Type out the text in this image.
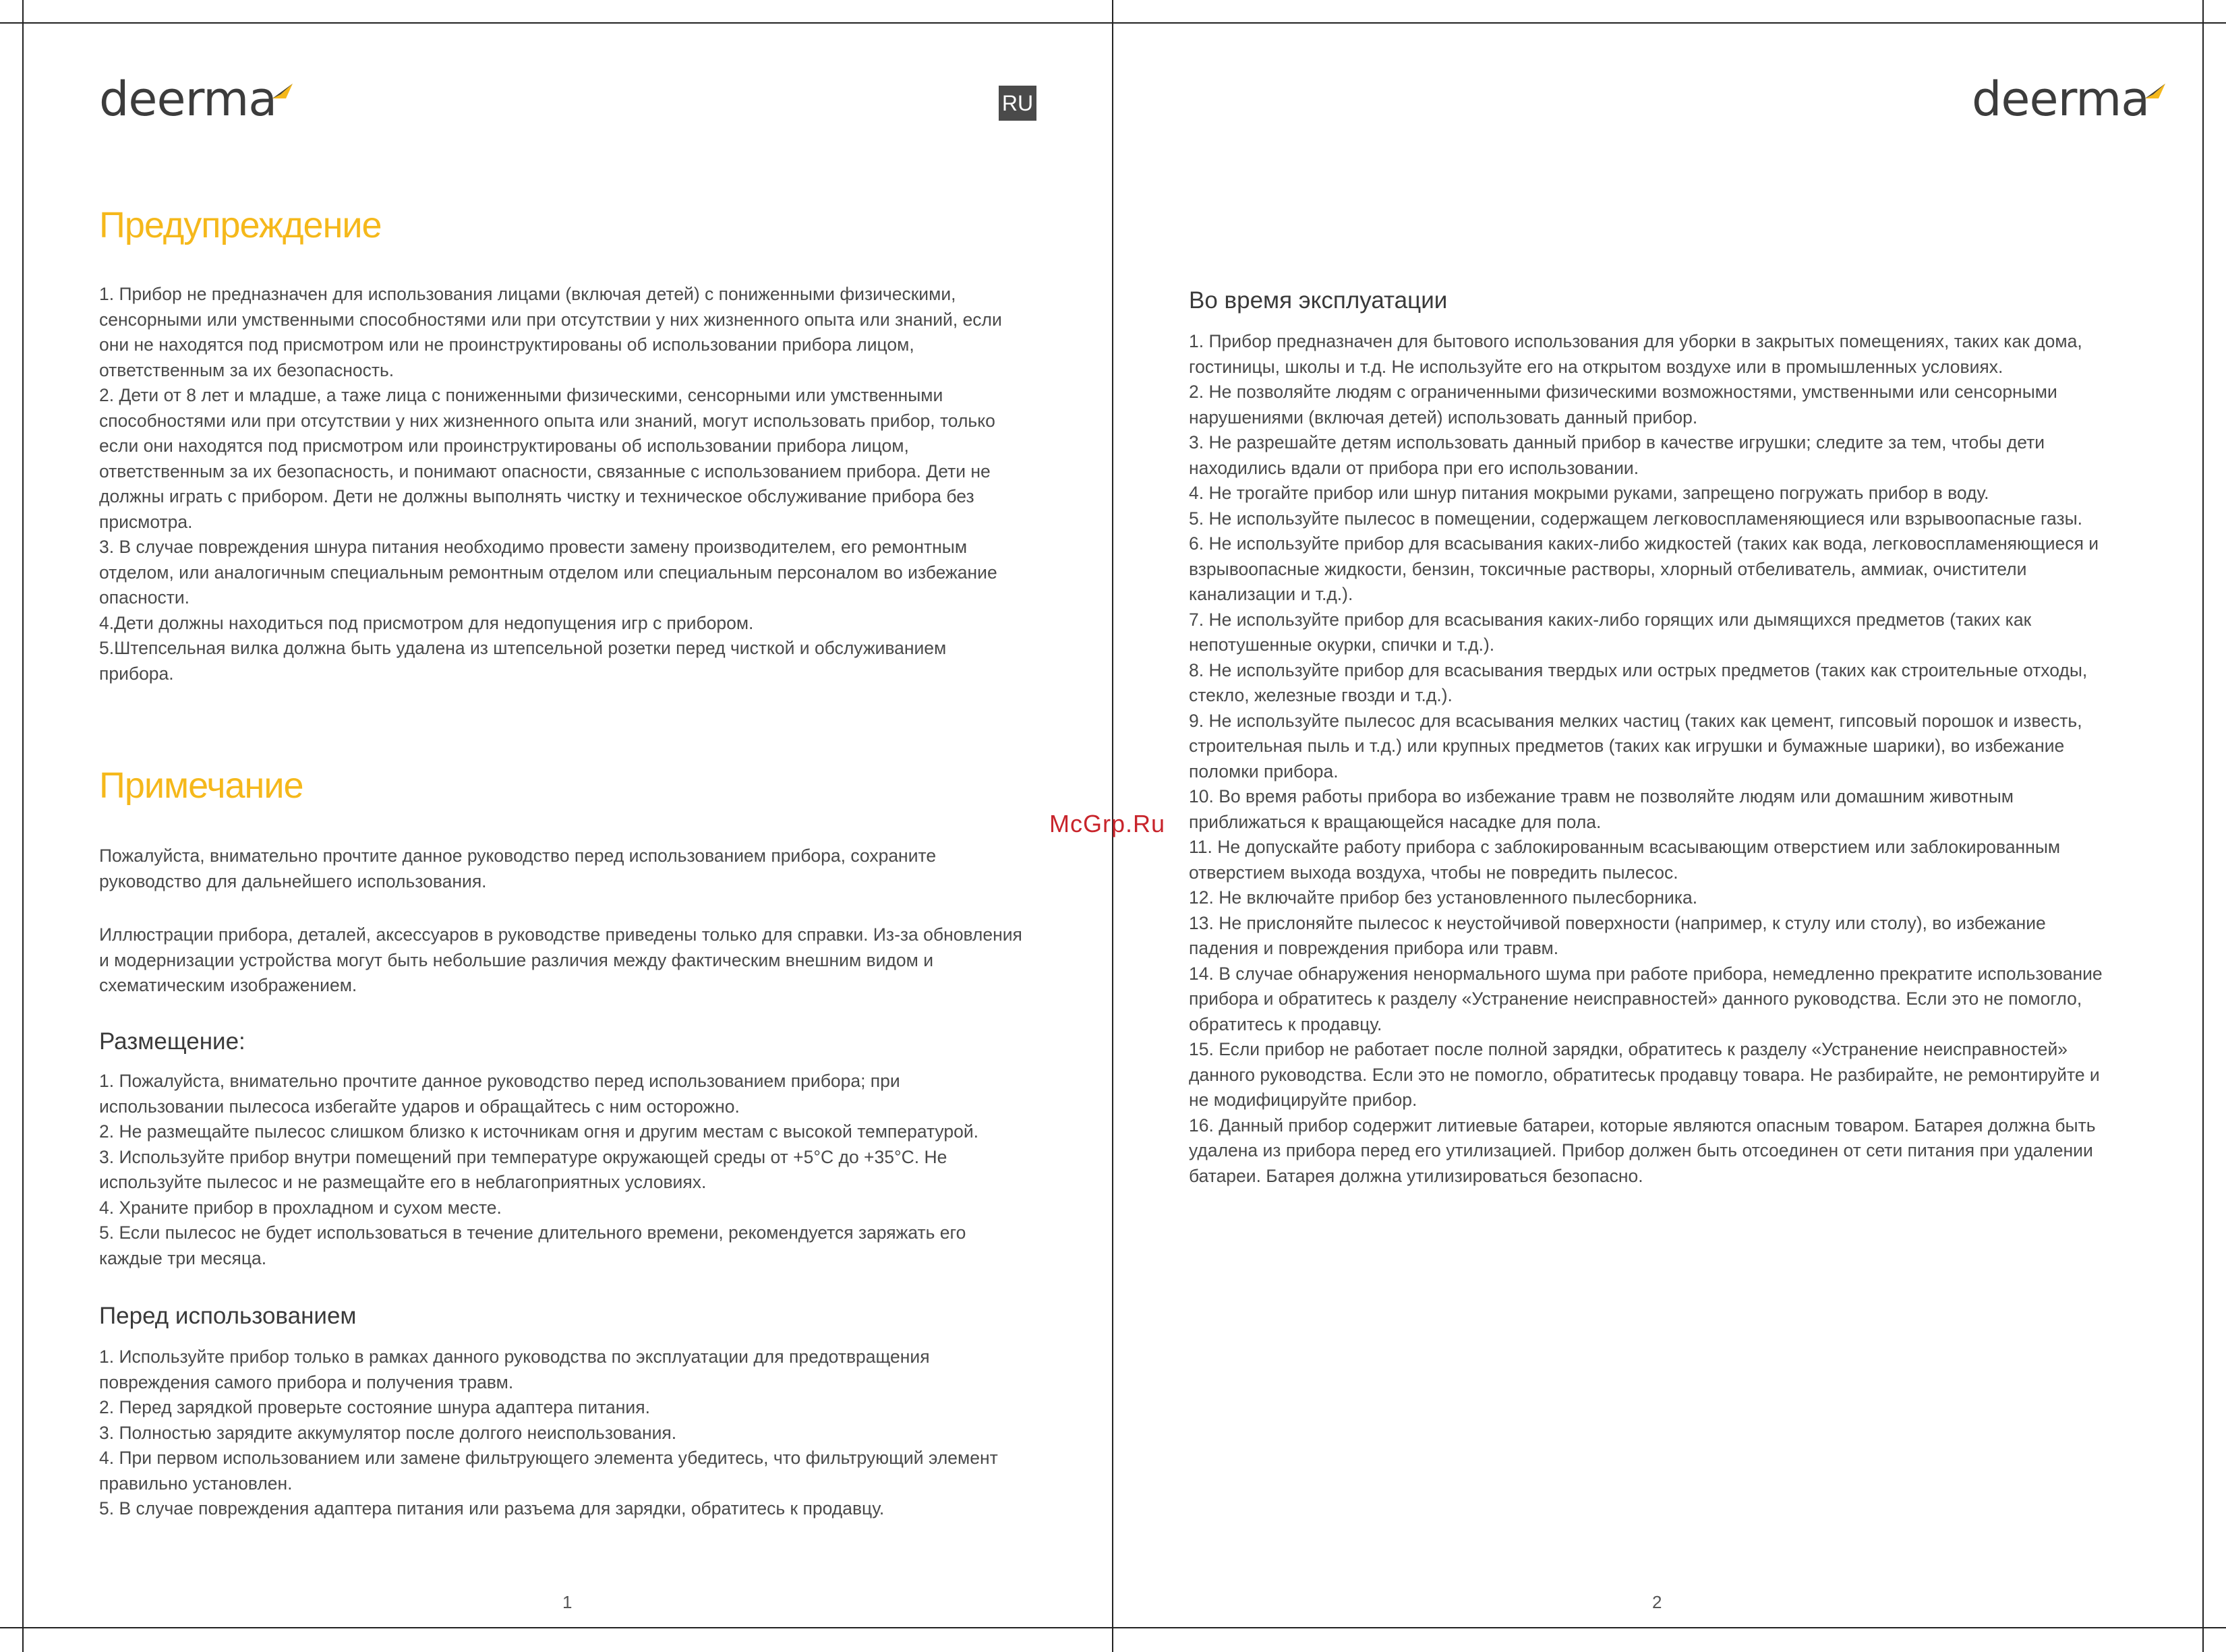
deerma	RU
Предупреждение

1. Прибор не предназначен для использования лицами (включая детей) с пониженными физическими,

сенсорными или умственными способностями или при отсутствии у них жизненного опыта или знаний, если

они не находятся под присмотром или не проинструктированы об использовании прибора лицом,

ответственным за их безопасность.

2. Дети от 8 лет и младше, а таже лица с пониженными физическими, сенсорными или умственными

способностями или при отсутствии у них жизненного опыта или знаний, могут использовать прибор, только

если они находятся под присмотром или проинструктированы об использовании прибора лицом,

ответственным за их безопасность, и понимают опасности, связанные с использованием прибора. Дети не

должны играть с прибором. Дети не должны выполнять чистку и техническое обслуживание прибора без

присмотра.

3. В случае повреждения шнура питания необходимо провести замену производителем, его ремонтным

отделом, или аналогичным специальным ремонтным отделом или специальным персоналом во избежание

опасности.

4.Дети должны находиться под присмотром для недопущения игр с прибором.

5.Штепсельная вилка должна быть удалена из штепсельной розетки перед чисткой и обслуживанием

прибора.

Примечание

Пожалуйста, внимательно прочтите данное руководство перед использованием прибора, сохраните

руководство для дальнейшего использования.

Иллюстрации прибора, деталей, аксессуаров в руководстве приведены только для справки. Из-за обновления

и модернизации устройства могут быть небольшие различия между фактическим внешним видом и

схематическим изображением.

Размещение:

1. Пожалуйста, внимательно прочтите данное руководство перед использованием прибора; при

использовании пылесоса избегайте ударов и обращайтесь с ним осторожно.

2. Не размещайте пылесос слишком близко к источникам огня и другим местам с высокой температурой.

3. Используйте прибор внутри помещений при температуре окружающей среды от +5°C до +35°C. Не

используйте пылесос и не размещайте его в неблагоприятных условиях.

4. Храните прибор в прохладном и сухом месте.

5. Если пылесос не будет использоваться в течение длительного времени, рекомендуется заряжать его

каждые три месяца.

Перед использованием

1. Используйте прибор только в рамках данного руководства по эксплуатации для предотвращения

повреждения самого прибора и получения травм.

2. Перед зарядкой проверьте состояние шнура адаптера питания.

3. Полностью зарядите аккумулятор после долгого неиспользования.

4. При первом использованием или замене фильтрующего элемента убедитесь, что фильтрующий элемент

правильно установлен.

5. В случае повреждения адаптера питания или разъема для зарядки, обратитесь к продавцу.

1
deerma
Во время эксплуатации

1. Прибор предназначен для бытового использования для уборки в закрытых помещениях, таких как дома,

гостиницы, школы и т.д. Не используйте его на открытом воздухе или в промышленных условиях.

2. Не позволяйте людям с ограниченными физическими возможностями, умственными или сенсорными

нарушениями (включая детей) использовать данный прибор.

3. Не разрешайте детям использовать данный прибор в качестве игрушки; следите за тем, чтобы дети

находились вдали от прибора при его использовании.

4. Не трогайте прибор или шнур питания мокрыми руками, запрещено погружать прибор в воду.

5. Не используйте пылесос в помещении, содержащем легковоспламеняющиеся или взрывоопасные газы.

6. Не используйте прибор для всасывания каких-либо жидкостей (таких как вода, легковоспламеняющиеся и

взрывоопасные жидкости, бензин, токсичные растворы, хлорный отбеливатель, аммиак, очистители

канализации и т.д.).

7. Не используйте прибор для всасывания каких-либо горящих или дымящихся предметов (таких как

непотушенные окурки, спички и т.д.).

8. Не используйте прибор для всасывания твердых или острых предметов (таких как строительные отходы,

стекло, железные гвозди и т.д.).

9. Не используйте пылесос для всасывания мелких частиц (таких как цемент, гипсовый порошок и известь,

строительная пыль и т.д.) или крупных предметов (таких как игрушки и бумажные шарики), во избежание

поломки прибора.

10. Во время работы прибора во избежание травм не позволяйте людям или домашним животным

приближаться к вращающейся насадке для пола.

11. Не допускайте работу прибора с заблокированным всасывающим отверстием или заблокированным

отверстием выхода воздуха, чтобы не повредить пылесос.

12. Не включайте прибор без установленного пылесборника.

13. Не прислоняйте пылесос к неустойчивой поверхности (например, к стулу или столу), во избежание

падения и повреждения прибора или травм.

14. В случае обнаружения ненормального шума при работе прибора, немедленно прекратите использование

прибора и обратитесь к разделу «Устранение неисправностей» данного руководства. Если это не помогло,

обратитесь к продавцу.

15. Если прибор не работает после полной зарядки, обратитесь к разделу «Устранение неисправностей»

данного руководства. Если это не помогло, обратитеськ продавцу товара. Не разбирайте, не ремонтируйте и

не модифицируйте прибор.

16. Данный прибор содержит литиевые батареи, которые являются опасным товаром. Батарея должна быть

удалена из прибора перед его утилизацией. Прибор должен быть отсоединен от сети питания при удалении

батареи. Батарея должна утилизироваться безопасно.

2
McGrp.Ru
